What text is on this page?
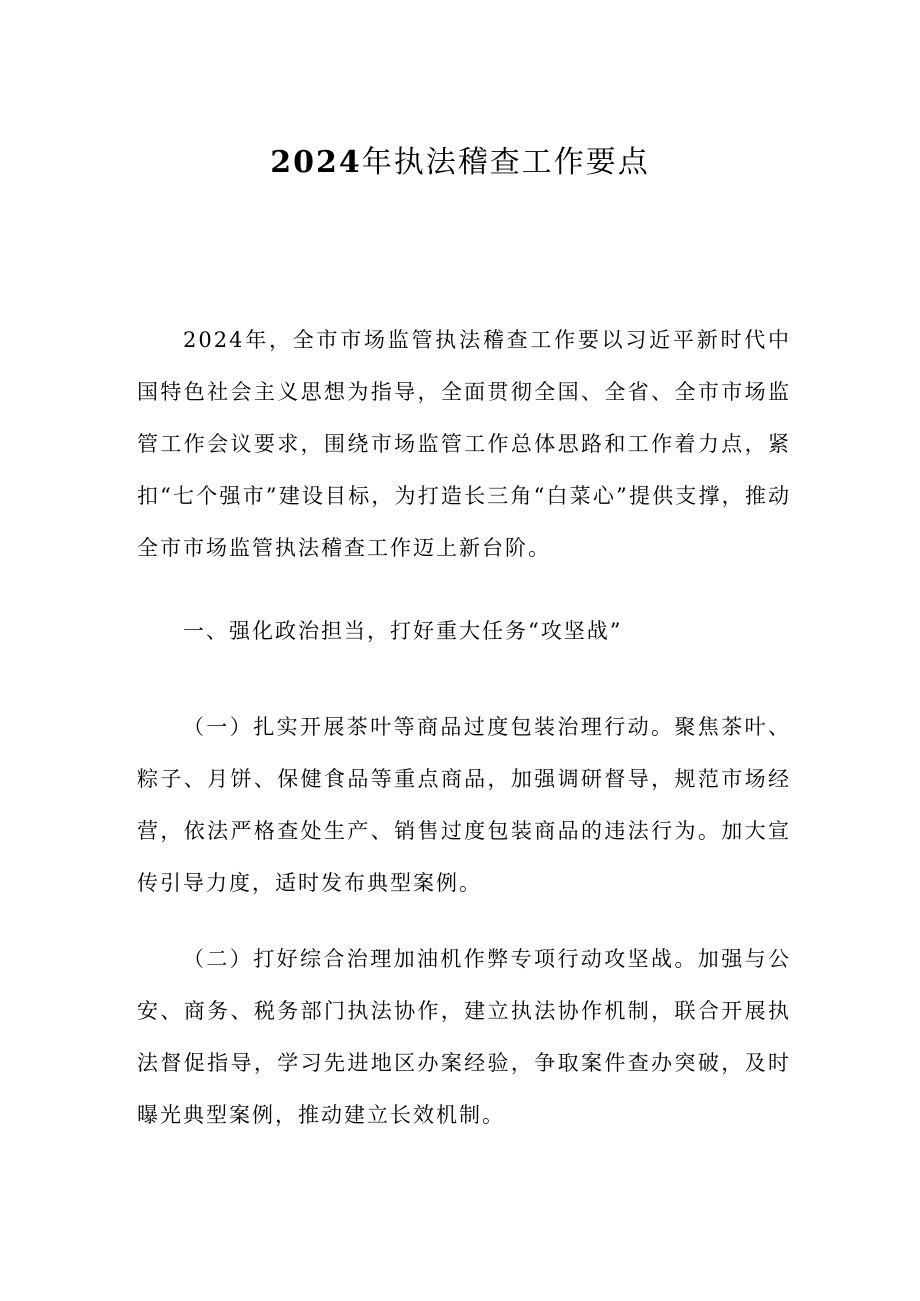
2024年执法稽查工作要点

2024年，全市市场监管执法稽查工作要以习近平新时代中国特色社会主义思想为指导，全面贯彻全国、全省、全市市场监管工作会议要求，围绕市场监管工作总体思路和工作着力点，紧扣“七个强市”建设目标，为打造长三角“白菜心”提供支撑，推动全市市场监管执法稽查工作迈上新台阶。

一、强化政治担当，打好重大任务“攻坚战”

（一）扎实开展茶叶等商品过度包装治理行动。聚焦茶叶、粽子、月饼、保健食品等重点商品，加强调研督导，规范市场经营，依法严格查处生产、销售过度包装商品的违法行为。加大宣传引导力度，适时发布典型案例。

（二）打好综合治理加油机作弊专项行动攻坚战。加强与公安、商务、税务部门执法协作，建立执法协作机制，联合开展执法督促指导，学习先进地区办案经验，争取案件查办突破，及时曝光典型案例，推动建立长效机制。
